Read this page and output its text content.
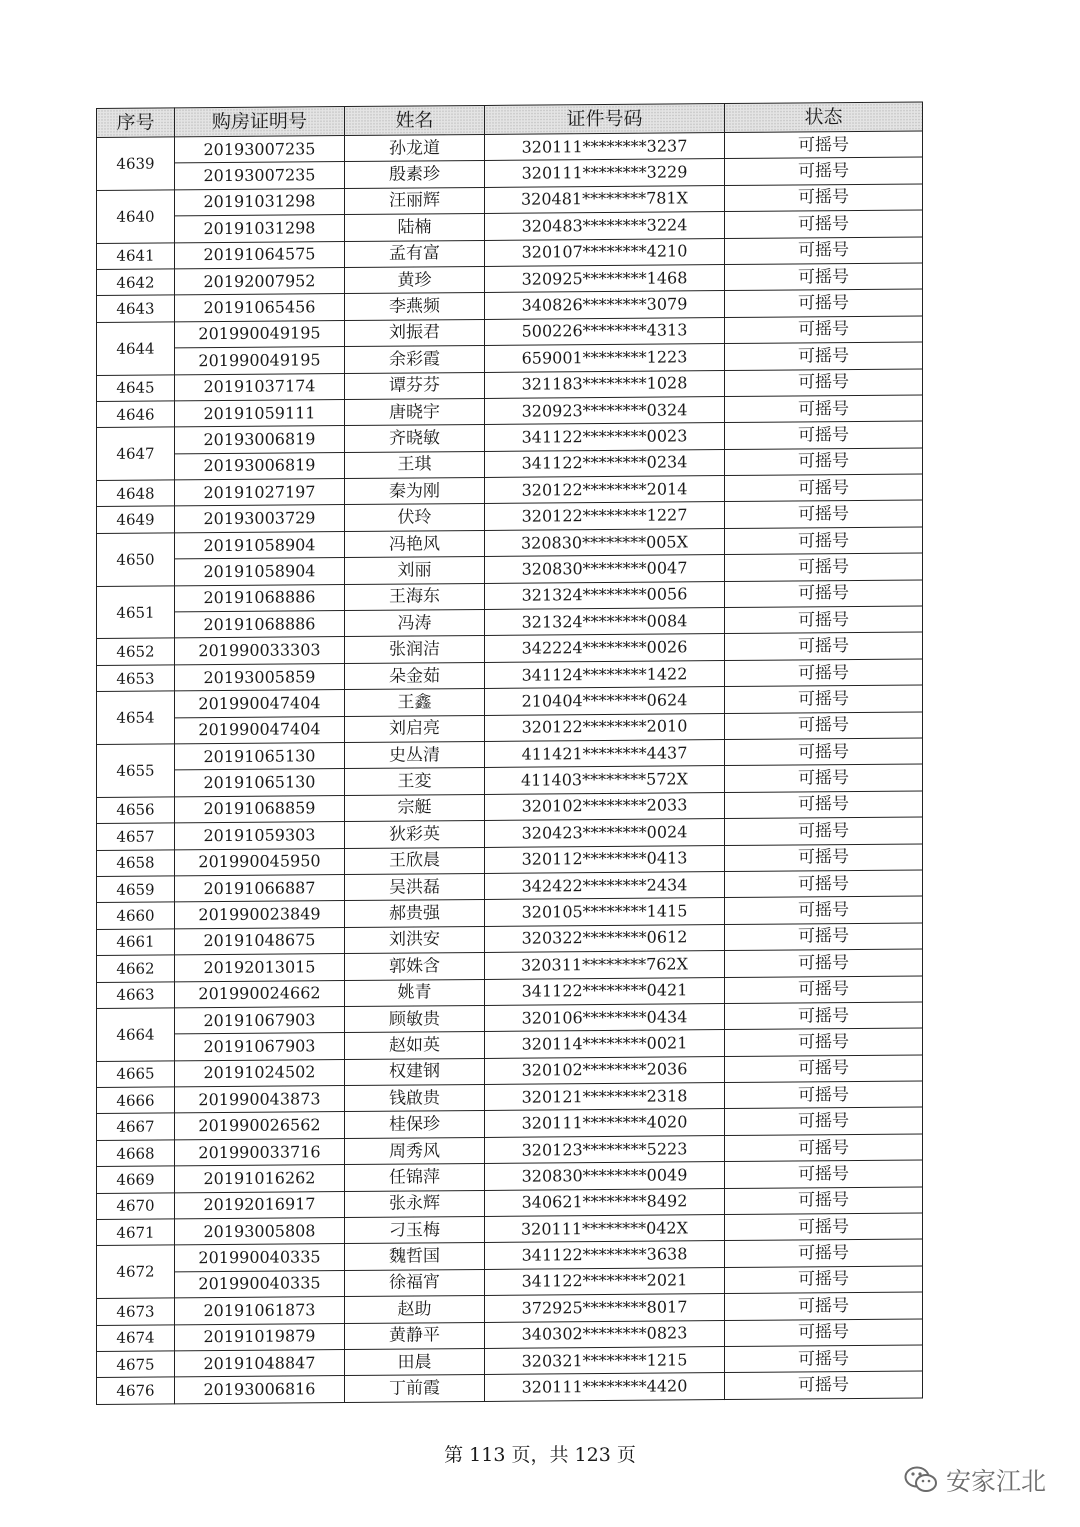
序号	购房证明号	姓名	证件号码	状态
4639	20193007235	孙龙道	320111********3237	可摇号
	20193007235	殷素珍	320111********3229	可摇号
4640	20191031298	汪丽辉	320481********781X	可摇号
	20191031298	陆楠	320483********3224	可摇号
4641	20191064575	孟有富	320107********4210	可摇号
4642	20192007952	黄珍	320925********1468	可摇号
4643	20191065456	李燕频	340826********3079	可摇号
4644	201990049195	刘振君	500226********4313	可摇号
	201990049195	余彩霞	659001********1223	可摇号
4645	20191037174	谭芬芬	321183********1028	可摇号
4646	20191059111	唐晓宇	320923********0324	可摇号
4647	20193006819	齐晓敏	341122********0023	可摇号
	20193006819	王琪	341122********0234	可摇号
4648	20191027197	秦为刚	320122********2014	可摇号
4649	20193003729	伏玲	320122********1227	可摇号
4650	20191058904	冯艳风	320830********005X	可摇号
	20191058904	刘丽	320830********0047	可摇号
4651	20191068886	王海东	321324********0056	可摇号
	20191068886	冯涛	321324********0084	可摇号
4652	201990033303	张润洁	342224********0026	可摇号
4653	20193005859	朵金茹	341124********1422	可摇号
4654	201990047404	王鑫	210404********0624	可摇号
	201990047404	刘启亮	320122********2010	可摇号
4655	20191065130	史丛清	411421********4437	可摇号
	20191065130	王変	411403********572X	可摇号
4656	20191068859	宗艇	320102********2033	可摇号
4657	20191059303	狄彩英	320423********0024	可摇号
4658	201990045950	王欣晨	320112********0413	可摇号
4659	20191066887	吴洪磊	342422********2434	可摇号
4660	201990023849	郝贵强	320105********1415	可摇号
4661	20191048675	刘洪安	320322********0612	可摇号
4662	20192013015	郭姝含	320311********762X	可摇号
4663	201990024662	姚青	341122********0421	可摇号
4664	20191067903	顾敏贵	320106********0434	可摇号
	20191067903	赵如英	320114********0021	可摇号
4665	20191024502	权建钢	320102********2036	可摇号
4666	201990043873	钱啟贵	320121********2318	可摇号
4667	201990026562	桂保珍	320111********4020	可摇号
4668	201990033716	周秀风	320123********5223	可摇号
4669	20191016262	任锦萍	320830********0049	可摇号
4670	20192016917	张永辉	340621********8492	可摇号
4671	20193005808	刁玉梅	320111********042X	可摇号
4672	201990040335	魏哲国	341122********3638	可摇号
	201990040335	徐福宵	341122********2021	可摇号
4673	20191061873	赵助	372925********8017	可摇号
4674	20191019879	黄静平	340302********0823	可摇号
4675	20191048847	田晨	320321********1215	可摇号
4676	20193006816	丁前霞	320111********4420	可摇号
第 113 页，共 123 页
安家江北
